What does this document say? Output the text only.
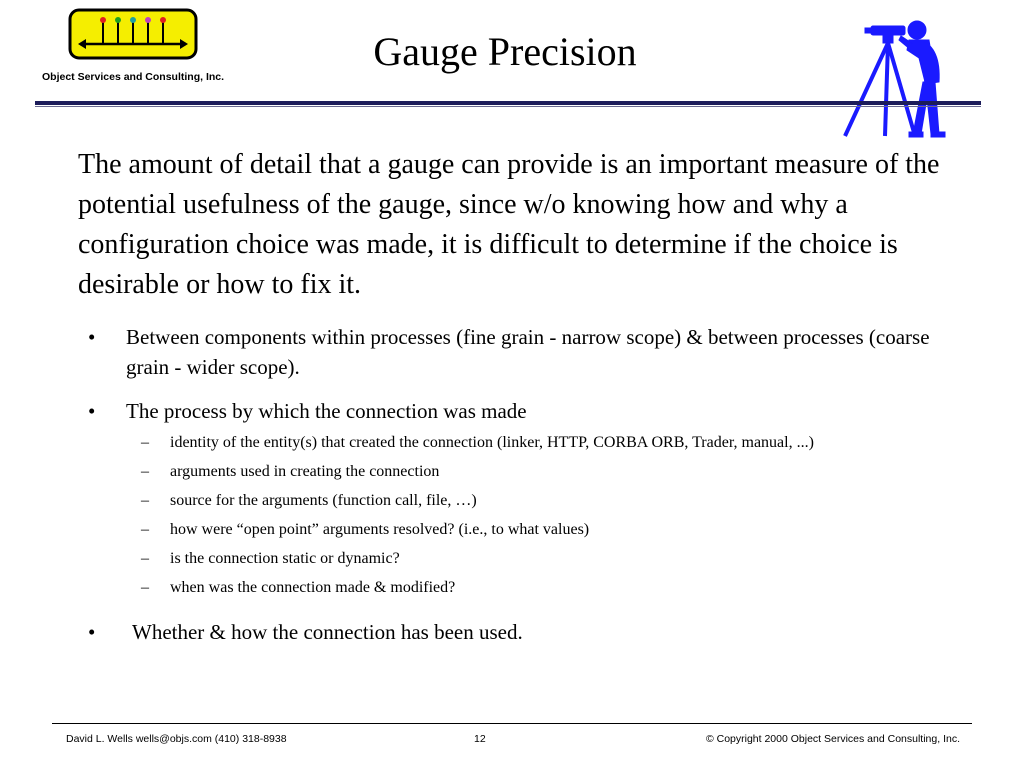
Object Services and Consulting, Inc.
Gauge Precision
The amount of detail that a gauge can provide is an important measure of the potential usefulness of the gauge, since w/o knowing how and why a configuration choice was made, it is difficult to determine if the choice is desirable or how to fix it.
• Between components within processes (fine grain - narrow scope) & between processes (coarse grain - wider scope).
• The process by which the connection was made
– identity of the entity(s) that created the connection (linker, HTTP, CORBA ORB, Trader, manual, ...)
– arguments used in creating the connection
– source for the arguments (function call, file, …)
– how were “open point” arguments resolved? (i.e., to what values)
– is the connection static or dynamic?
– when was the connection made & modified?
• Whether & how the connection has been used.
David L. Wells wells@objs.com (410) 318-8938	12	© Copyright 2000 Object Services and Consulting, Inc.
